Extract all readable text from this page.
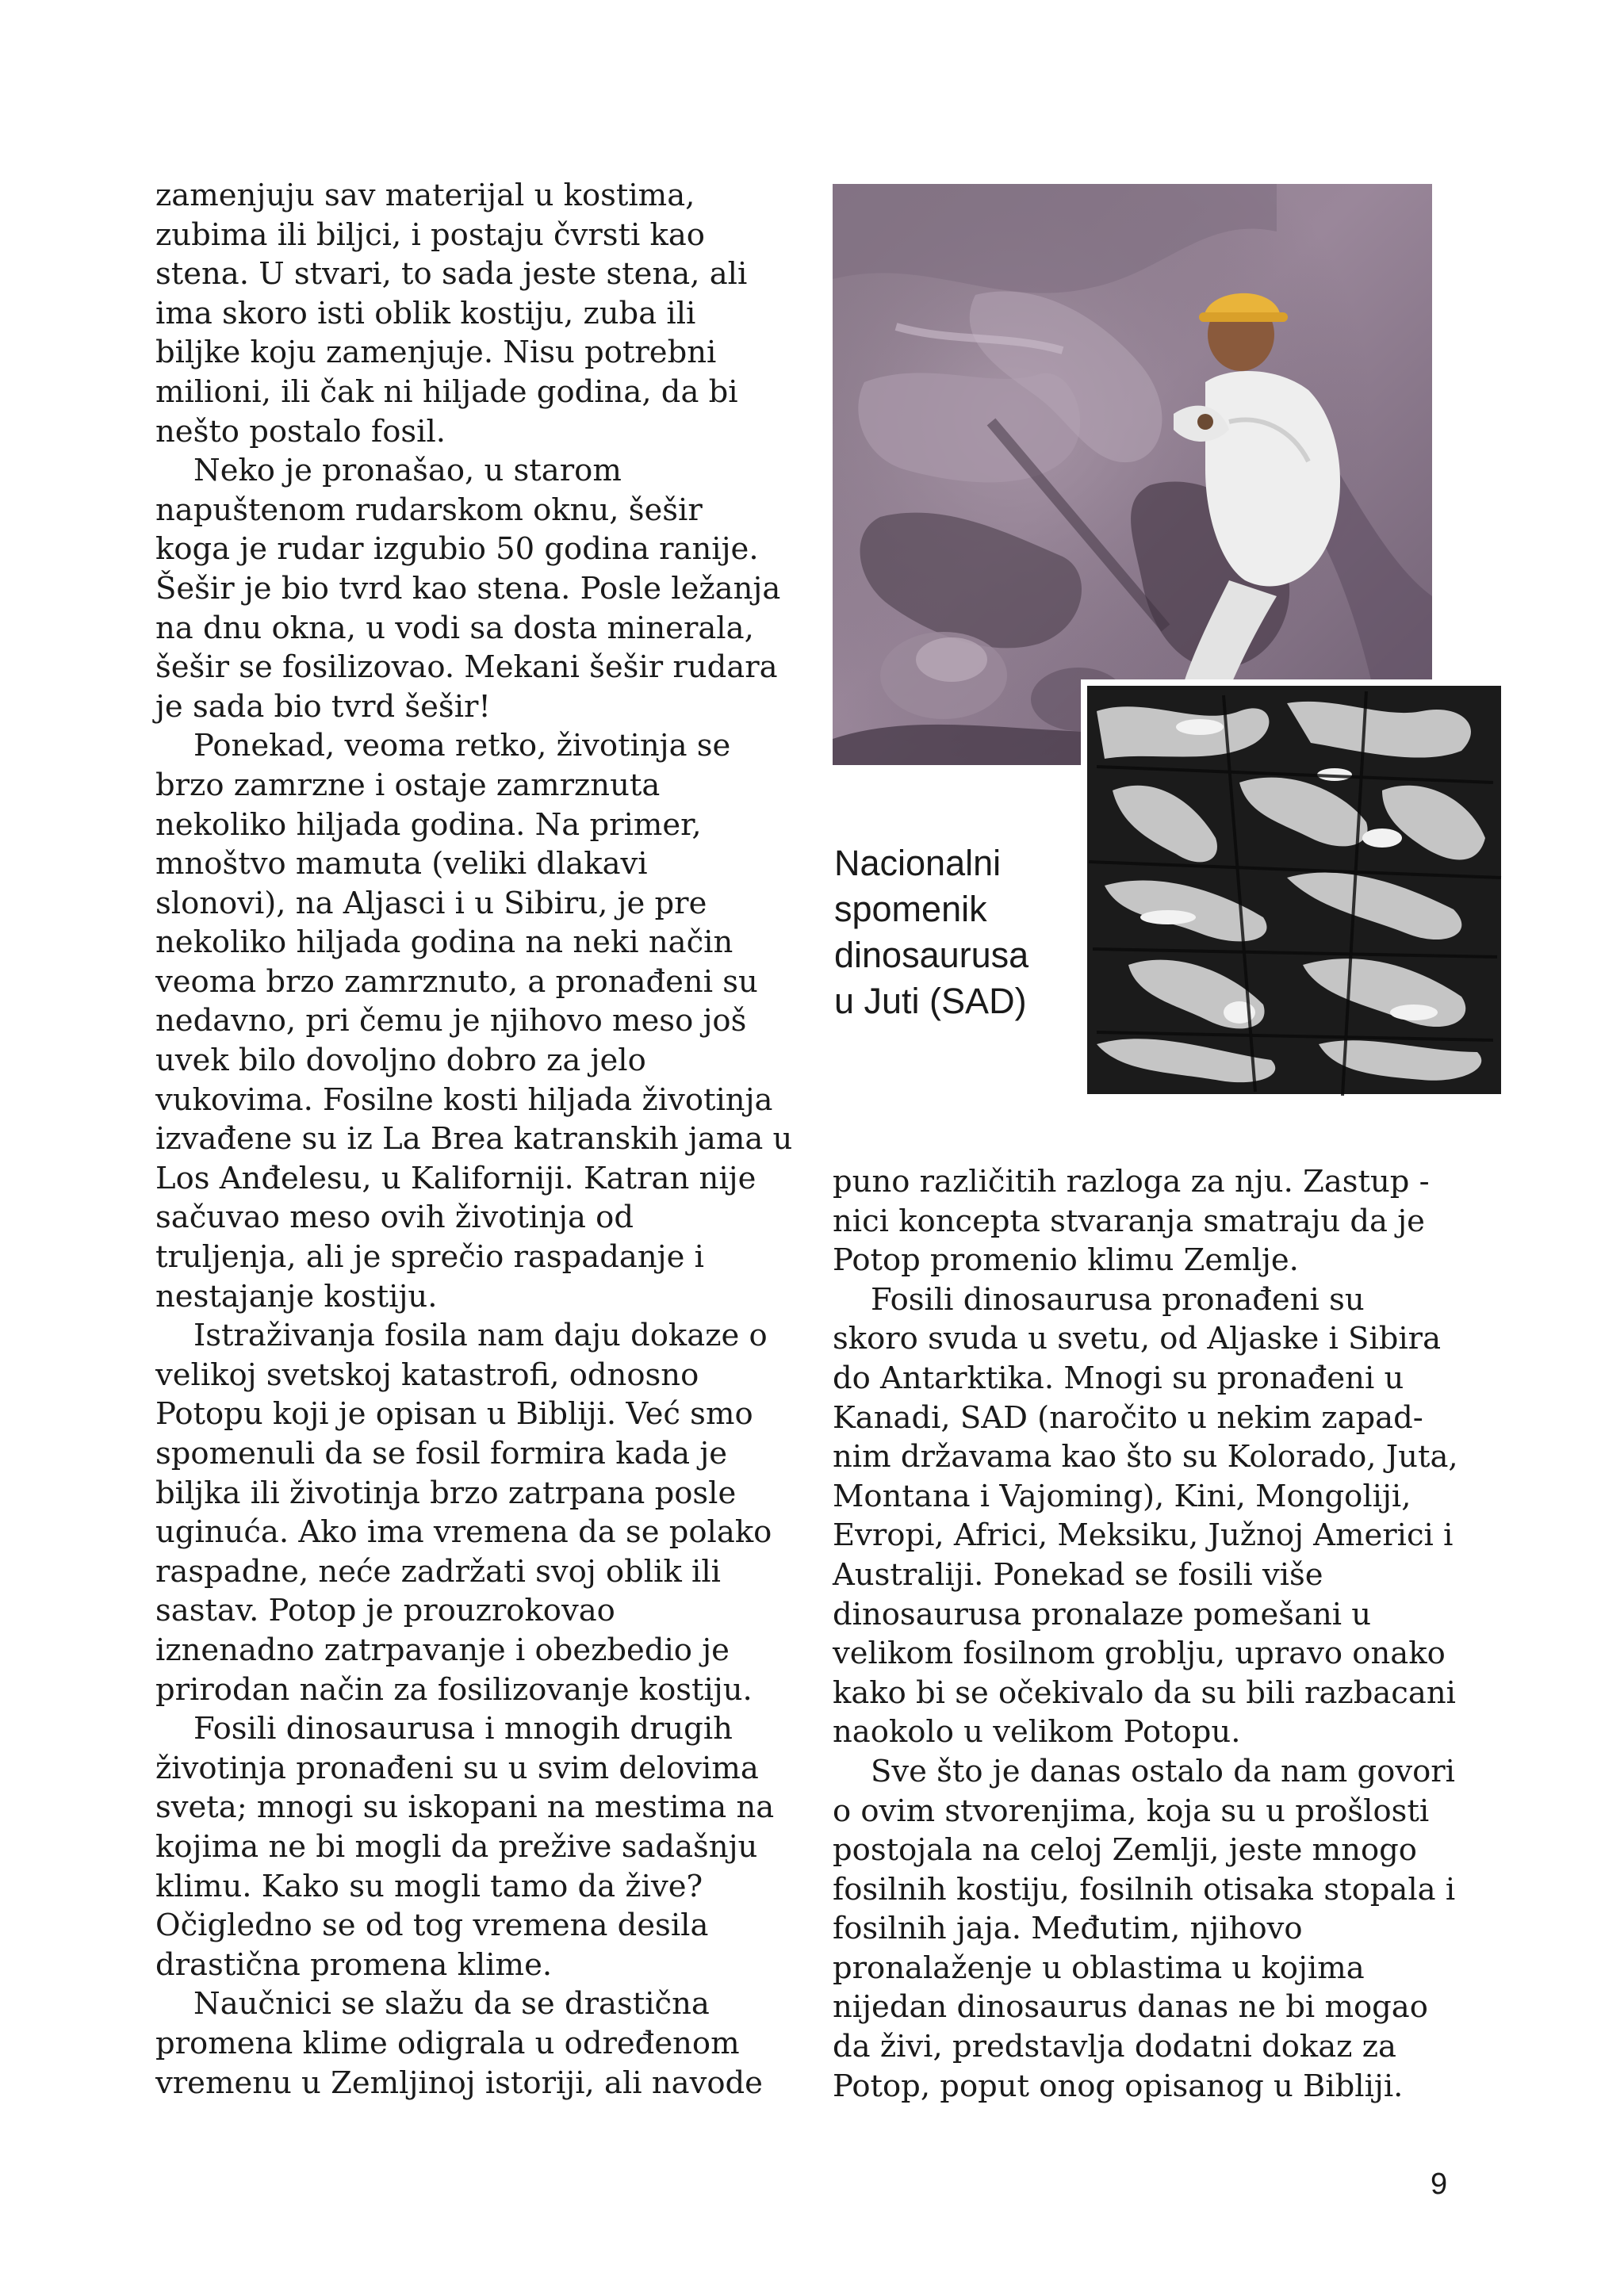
zamenjuju sav materijal u kostima,
zubima ili biljci, i postaju čvrsti kao
stena. U stvari, to sada jeste stena, ali
ima skoro isti oblik kostiju, zuba ili
biljke koju zamenjuje. Nisu potrebni
milioni, ili čak ni hiljade godina, da bi
nešto postalo fosil.
Neko je pronašao, u starom
napuštenom rudarskom oknu, šešir
koga je rudar izgubio 50 godina ranije.
Šešir je bio tvrd kao stena. Posle ležanja
na dnu okna, u vodi sa dosta minerala,
šešir se fosilizovao. Mekani šešir rudara
je sada bio tvrd šešir!
Ponekad, veoma retko, životinja se
brzo zamrzne i ostaje zamrznuta
nekoliko hiljada godina. Na primer,
mnoštvo mamuta (veliki dlakavi
slonovi), na Aljasci i u Sibiru, je pre
nekoliko hiljada godina na neki način
veoma brzo zamrznuto, a pronađeni su
nedavno, pri čemu je njihovo meso još
uvek bilo dovoljno dobro za jelo
vukovima. Fosilne kosti hiljada životinja
izvađene su iz La Brea katranskih jama u
Los Anđelesu, u Kaliforniji. Katran nije
sačuvao meso ovih životinja od
truljenja, ali je sprečio raspadanje i
nestajanje kostiju.
Istraživanja fosila nam daju dokaze o
velikoj svetskoj katastrofi, odnosno
Potopu koji je opisan u Bibliji. Već smo
spomenuli da se fosil formira kada je
biljka ili životinja brzo zatrpana posle
uginuća. Ako ima vremena da se polako
raspadne, neće zadržati svoj oblik ili
sastav. Potop je prouzrokovao
iznenadno zatrpavanje i obezbedio je
prirodan način za fosilizovanje kostiju.
Fosili dinosaurusa i mnogih drugih
životinja pronađeni su u svim delovima
sveta; mnogi su iskopani na mestima na
kojima ne bi mogli da prežive sadašnju
klimu. Kako su mogli tamo da žive?
Očigledno se od tog vremena desila
drastična promena klime.
Naučnici se slažu da se drastična
promena klime odigrala u određenom
vremenu u Zemljinoj istoriji, ali navode
Nacionalni
spomenik
dinosaurusa
u Juti (SAD)
puno različitih razloga za nju. Zastup -
nici koncepta stvaranja smatraju da je
Potop promenio klimu Zemlje.
Fosili dinosaurusa pronađeni su
skoro svuda u svetu, od Aljaske i Sibira
do Antarktika. Mnogi su pronađeni u
Kanadi, SAD (naročito u nekim zapad-
nim državama kao što su Kolorado, Juta,
Montana i Vajoming), Kini, Mongoliji,
Evropi, Africi, Meksiku, Južnoj Americi i
Australiji. Ponekad se fosili više
dinosaurusa pronalaze pomešani u
velikom fosilnom groblju, upravo onako
kako bi se očekivalo da su bili razbacani
naokolo u velikom Potopu.
Sve što je danas ostalo da nam govori
o ovim stvorenjima, koja su u prošlosti
postojala na celoj Zemlji, jeste mnogo
fosilnih kostiju, fosilnih otisaka stopala i
fosilnih jaja. Međutim, njihovo
pronalaženje u oblastima u kojima
nijedan dinosaurus danas ne bi mogao
da živi, predstavlja dodatni dokaz za
Potop, poput onog opisanog u Bibliji.
9
